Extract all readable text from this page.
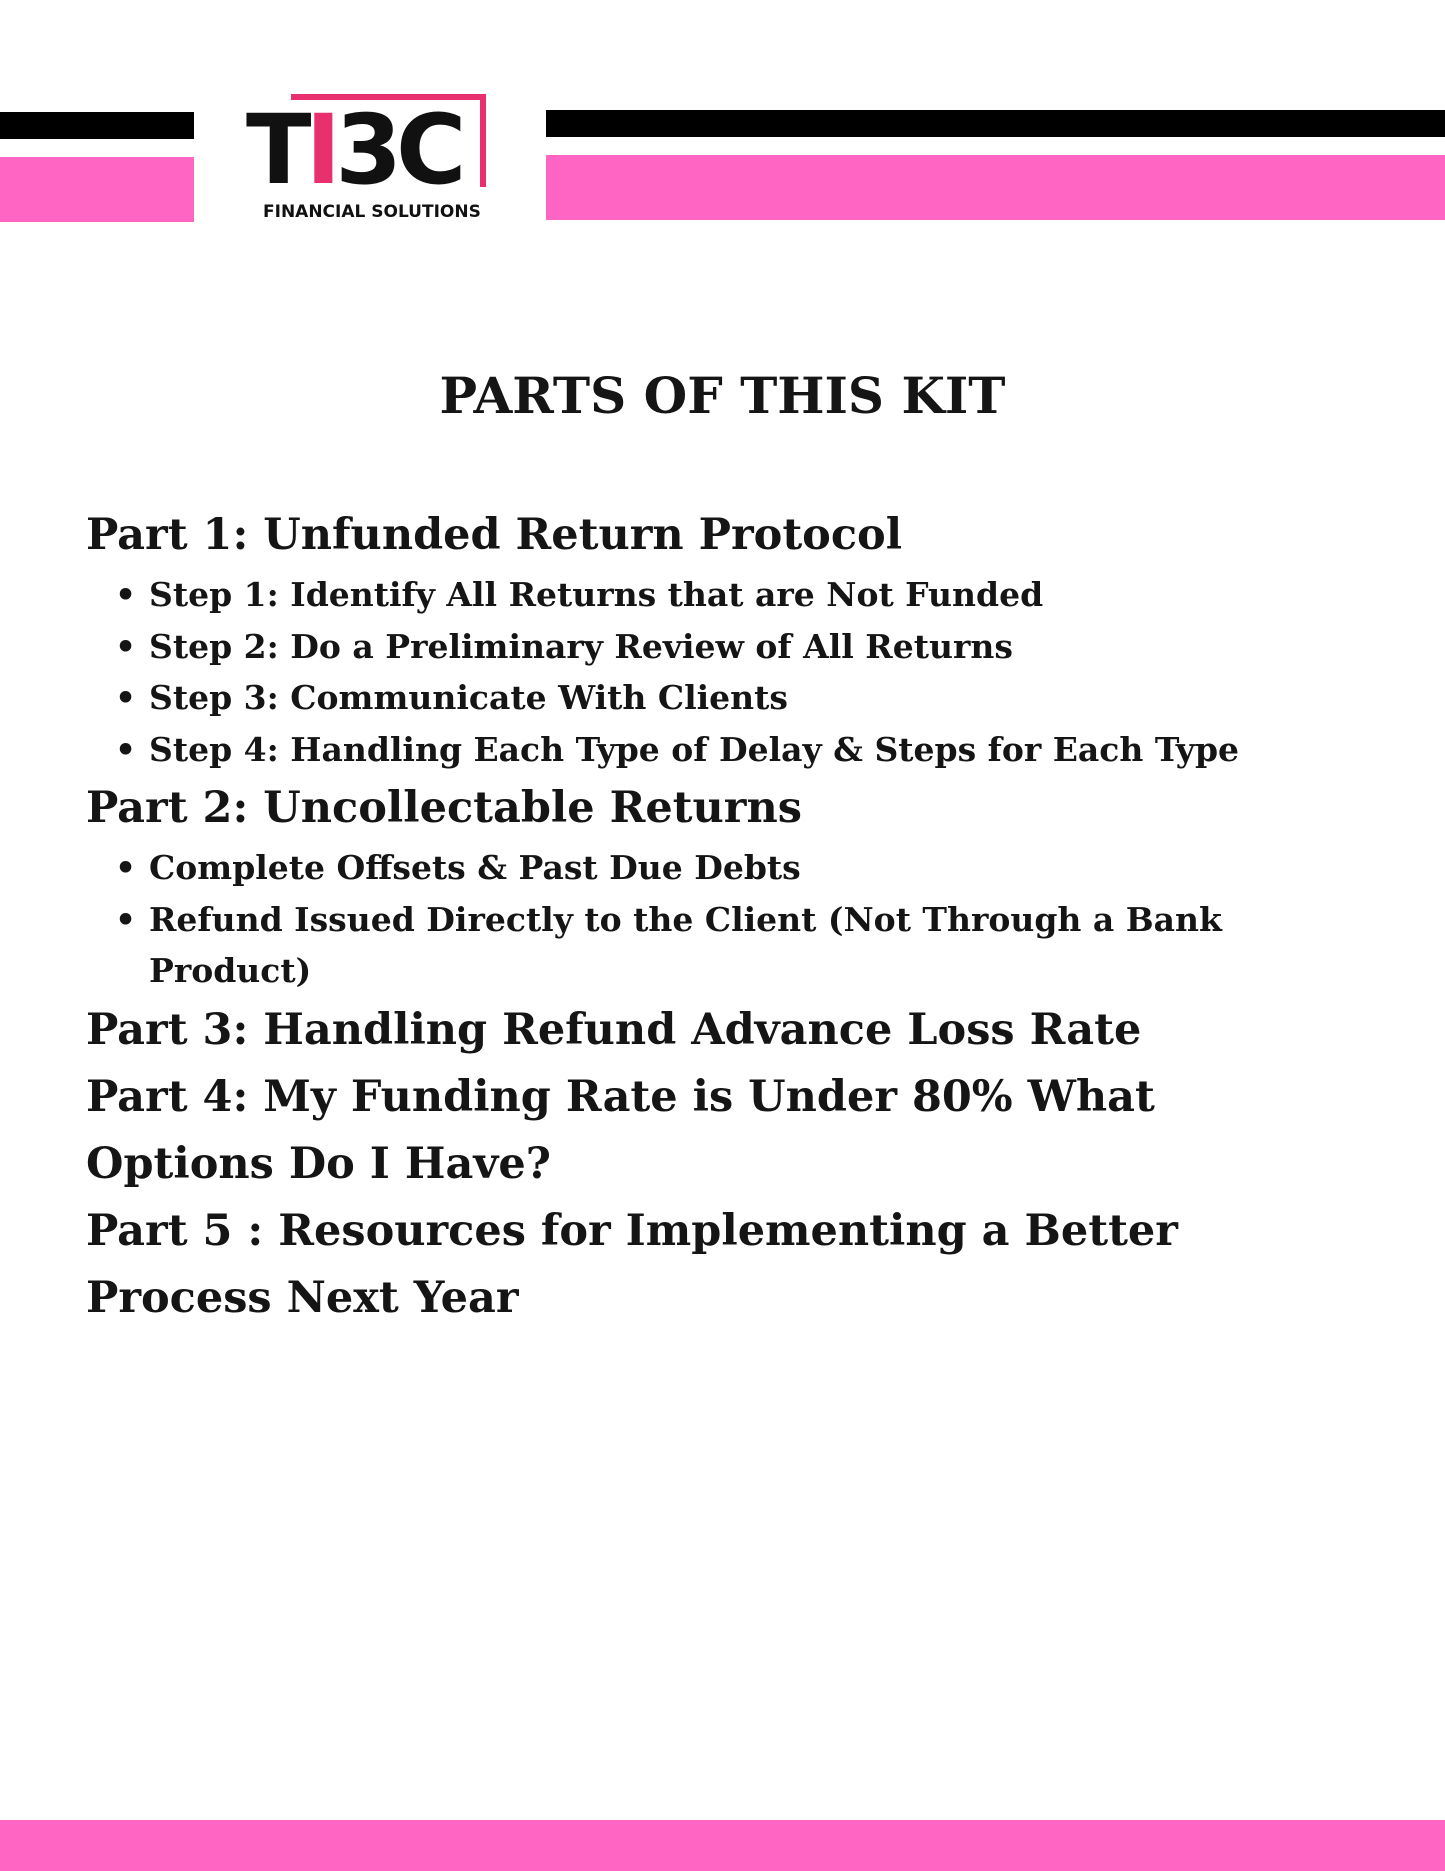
TI3C
FINANCIAL SOLUTIONS
PARTS OF THIS KIT

Part 1: Unfunded Return Protocol

• Step 1: Identify All Returns that are Not Funded
• Step 2: Do a Preliminary Review of All Returns
• Step 3: Communicate With Clients
• Step 4: Handling Each Type of Delay & Steps for Each Type

Part 2: Uncollectable Returns

• Complete Offsets & Past Due Debts
• Refund Issued Directly to the Client (Not Through a Bank Product)

Part 3: Handling Refund Advance Loss Rate

Part 4: My Funding Rate is Under 80% What Options Do I Have?

Part 5 : Resources for Implementing a Better Process Next Year
